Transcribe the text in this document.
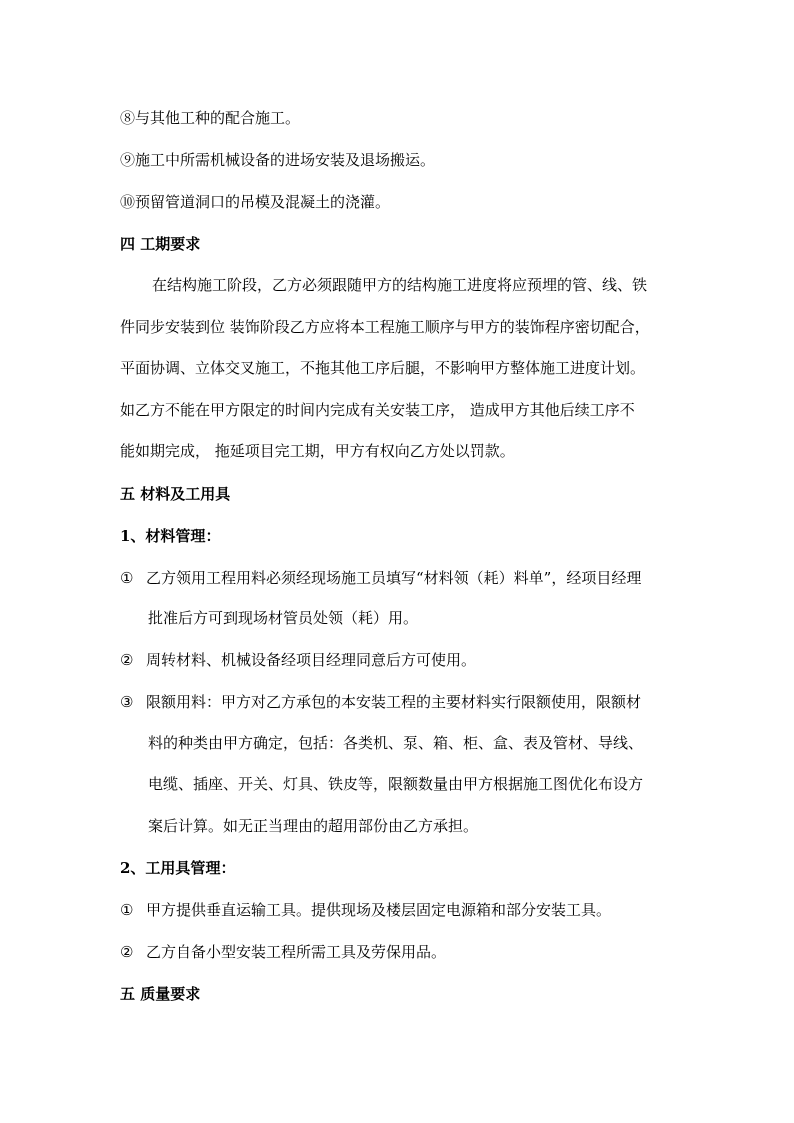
⑧与其他工种的配合施工。
⑨施工中所需机械设备的进场安装及退场搬运。
⑩预留管道洞口的吊模及混凝土的浇灌。
四 工期要求
在结构施工阶段，乙方必须跟随甲方的结构施工进度将应预埋的管、线、铁
件同步安装到位 装饰阶段乙方应将本工程施工顺序与甲方的装饰程序密切配合，
平面协调、立体交叉施工，不拖其他工序后腿，不影响甲方整体施工进度计划。
如乙方不能在甲方限定的时间内完成有关安装工序， 造成甲方其他后续工序不
能如期完成， 拖延项目完工期，甲方有权向乙方处以罚款。
五 材料及工用具
1、材料管理：
① 乙方领用工程用料必须经现场施工员填写“材料领（耗）料单”，经项目经理
批准后方可到现场材管员处领（耗）用。
② 周转材料、机械设备经项目经理同意后方可使用。
③ 限额用料：甲方对乙方承包的本安装工程的主要材料实行限额使用，限额材
料的种类由甲方确定，包括：各类机、泵、箱、柜、盒、表及管材、导线、
电缆、插座、开关、灯具、铁皮等，限额数量由甲方根据施工图优化布设方
案后计算。如无正当理由的超用部份由乙方承担。
2、工用具管理：
① 甲方提供垂直运输工具。提供现场及楼层固定电源箱和部分安装工具。
② 乙方自备小型安装工程所需工具及劳保用品。
五 质量要求
